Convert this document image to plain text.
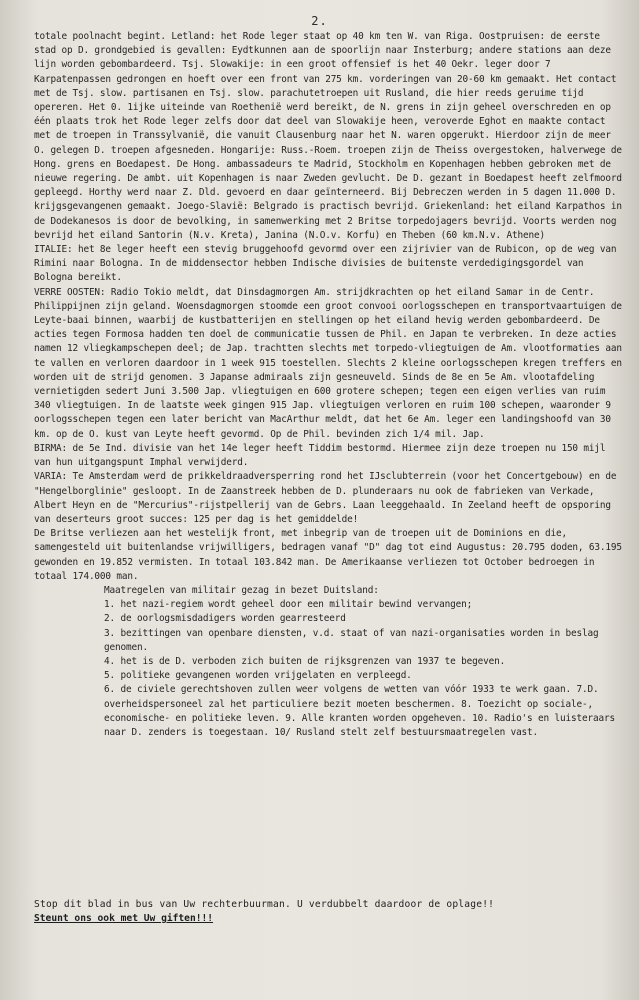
2.

totale poolnacht begint. Letland: het Rode leger staat op 40 km ten W. van Riga. Oostpruisen: de eerste stad op D. grondgebied is gevallen: Eydtkunnen aan de spoorlijn naar Insterburg; andere stations aan deze lijn worden gebombardeerd. Tsj. Slowakije: in een groot offensief is het 40 Oekr. leger door 7 Karpatenpassen gedrongen en hoeft over een front van 275 km. vorderingen van 20-60 km gemaakt. Het contact met de Tsj. slow. partisanen en Tsj. slow. parachutetroepen uit Rusland, die hier reeds geruime tijd opereren. Het 0. 1ijke uiteinde van Roethenië werd bereikt, de N. grens in zijn geheel overschreden en op één plaats trok het Rode leger zelfs door dat deel van Slowakije heen, veroverde Eghot en maakte contact met de troepen in Transsylvanië, die vanuit Clausenburg naar het N. waren opgerukt. Hierdoor zijn de meer O. gelegen D. troepen afgesneden. Hongarije: Russ.-Roem. troepen zijn de Theiss overgestoken, halverwege de Hong. grens en Boedapest. De Hong. ambassadeurs te Madrid, Stockholm en Kopenhagen hebben gebroken met de nieuwe regering. De ambt. uit Kopenhagen is naar Zweden gevlucht. De D. gezant in Boedapest heeft zelfmoord gepleegd. Horthy werd naar Z. Dld. gevoerd en daar geïnterneerd. Bij Debreczen werden in 5 dagen 11.000 D. krijgsgevangenen gemaakt. Joego-Slavië: Belgrado is practisch bevrijd. Griekenland: het eiland Karpathos in de Dodekanesos is door de bevolking, in samenwerking met 2 Britse torpedojagers bevrijd. Voorts werden nog bevrijd het eiland Santorin (N.v. Kreta), Janina (N.O.v. Korfu) en Theben (60 km.N.v. Athene)

ITALIE: het 8e leger heeft een stevig bruggehoofd gevormd over een zijrivier van de Rubicon, op de weg van Rimini naar Bologna. In de middensector hebben Indische divisies de buitenste verdedigingsgordel van Bologna bereikt.

VERRE OOSTEN: Radio Tokio meldt, dat Dinsdagmorgen Am. strijdkrachten op het eiland Samar in de Centr. Philippijnen zijn geland. Woensdagmorgen stoomde een groot convooi oorlogsschepen en transportvaartuigen de Leyte-baai binnen, waarbij de kustbatterijen en stellingen op het eiland hevig werden gebombardeerd. De acties tegen Formosa hadden ten doel de communicatie tussen de Phil. en Japan te verbreken. In deze acties namen 12 vliegkampschepen deel; de Jap. trachtten slechts met torpedo-vliegtuigen de Am. vlootformaties aan te vallen en verloren daardoor in 1 week 915 toestellen. Slechts 2 kleine oorlogsschepen kregen treffers en worden uit de strijd genomen. 3 Japanse admiraals zijn gesneuveld. Sinds de 8e en 5e Am. vlootafdeling vernietigden sedert Juni 3.500 Jap. vliegtuigen en 600 grotere schepen; tegen een eigen verlies van ruim 340 vliegtuigen. In de laatste week gingen 915 Jap. vliegtuigen verloren en ruim 100 schepen, waaronder 9 oorlogsschepen tegen een later bericht van MacArthur meldt, dat het 6e Am. leger een landingshoofd van 30 km. op de O. kust van Leyte heeft gevormd. Op de Phil. bevinden zich 1/4 mil. Jap.

BIRMA: de 5e Ind. divisie van het 14e leger heeft Tiddim bestormd. Hiermee zijn deze troepen nu 150 mijl van hun uitgangspunt Imphal verwijderd.

VARIA: Te Amsterdam werd de prikkeldraadversperring rond het IJsclubterrein (voor het Concertgebouw) en de "Hengelborglinie" gesloopt. In de Zaanstreek hebben de D. plunderaars nu ook de fabrieken van Verkade, Albert Heyn en de "Mercurius"-rijstpellerij van de Gebrs. Laan leeggehaald. In Zeeland heeft de opsporing van deserteurs groot succes: 125 per dag is het gemiddelde!

De Britse verliezen aan het westelijk front, met inbegrip van de troepen uit de Dominions en die, samengesteld uit buitenlandse vrijwilligers, bedragen vanaf "D" dag tot eind Augustus: 20.795 doden, 63.195 gewonden en 19.852 vermisten. In totaal 103.842 man. De Amerikaanse verliezen tot October bedroegen in totaal 174.000 man.

Maatregelen van militair gezag in bezet Duitsland:

1. het nazi-regiem wordt geheel door een militair bewind vervangen;
2. de oorlogsmisdadigers worden gearresteerd
3. bezittingen van openbare diensten, v.d. staat of van nazi-organisaties worden in beslag genomen.
4. het is de D. verboden zich buiten de rijksgrenzen van 1937 te begeven.
5. politieke gevangenen worden vrijgelaten en verpleegd.
6. de civiele gerechtshoven zullen weer volgens de wetten van vóór 1933 te werk gaan. 7.D. overheidspersoneel zal het particuliere bezit moeten beschermen. 8. Toezicht op sociale-, economische- en politieke leven. 9. Alle kranten worden opgeheven. 10. Radio's en luisteraars naar D. zenders is toegestaan. 10/ Rusland stelt zelf bestuursmaatregelen vast.
Stop dit blad in bus van Uw rechterbuurman. U verdubbelt daardoor de oplage!!
Steunt ons ook met Uw giften!!!
